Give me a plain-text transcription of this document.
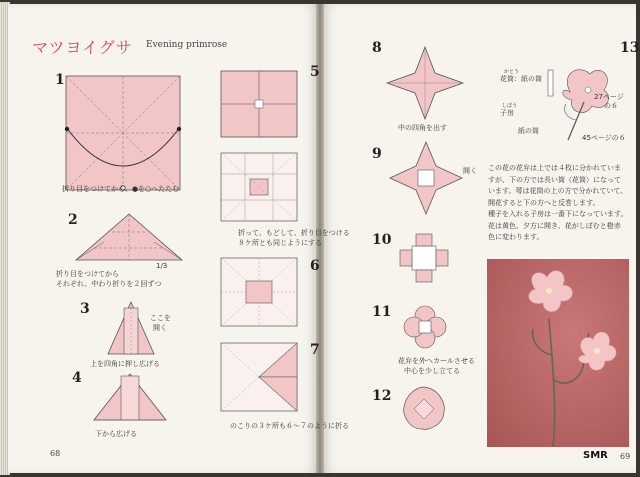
マツヨイグサ Evening primrose
1
折り目をつけてから、●を○へたたむ
2
1/3
折り目をつけてから
それぞれ、中わり折りを２回ずつ
3
ここを
開く
上を四角に押し広げる
4
下から広げる
5
折って、もどして、折り目をつける
８ケ所とも同じようにする
6
7
のこりの３ケ所も６～７のように折る
68
8
中の四角を出す
9
開く
10
11
花弁を外へカールさせる
中心を少し立てる
12
かとう
花筒：紙の筒
しぼう
子房
紙の筒
27ページ
の６
45ページの６
13
この花の花弁は上では４枚に分かれていま
すが、下の方では長い筒（花筒）になって
います。萼は花筒の上の方で分かれていて、
開花すると下の方へと反巻します。
種子を入れる子房は一番下になっています。
花は黄色、夕方に開き、花がしぼむと橙赤
色に変わります。
SMR 69
